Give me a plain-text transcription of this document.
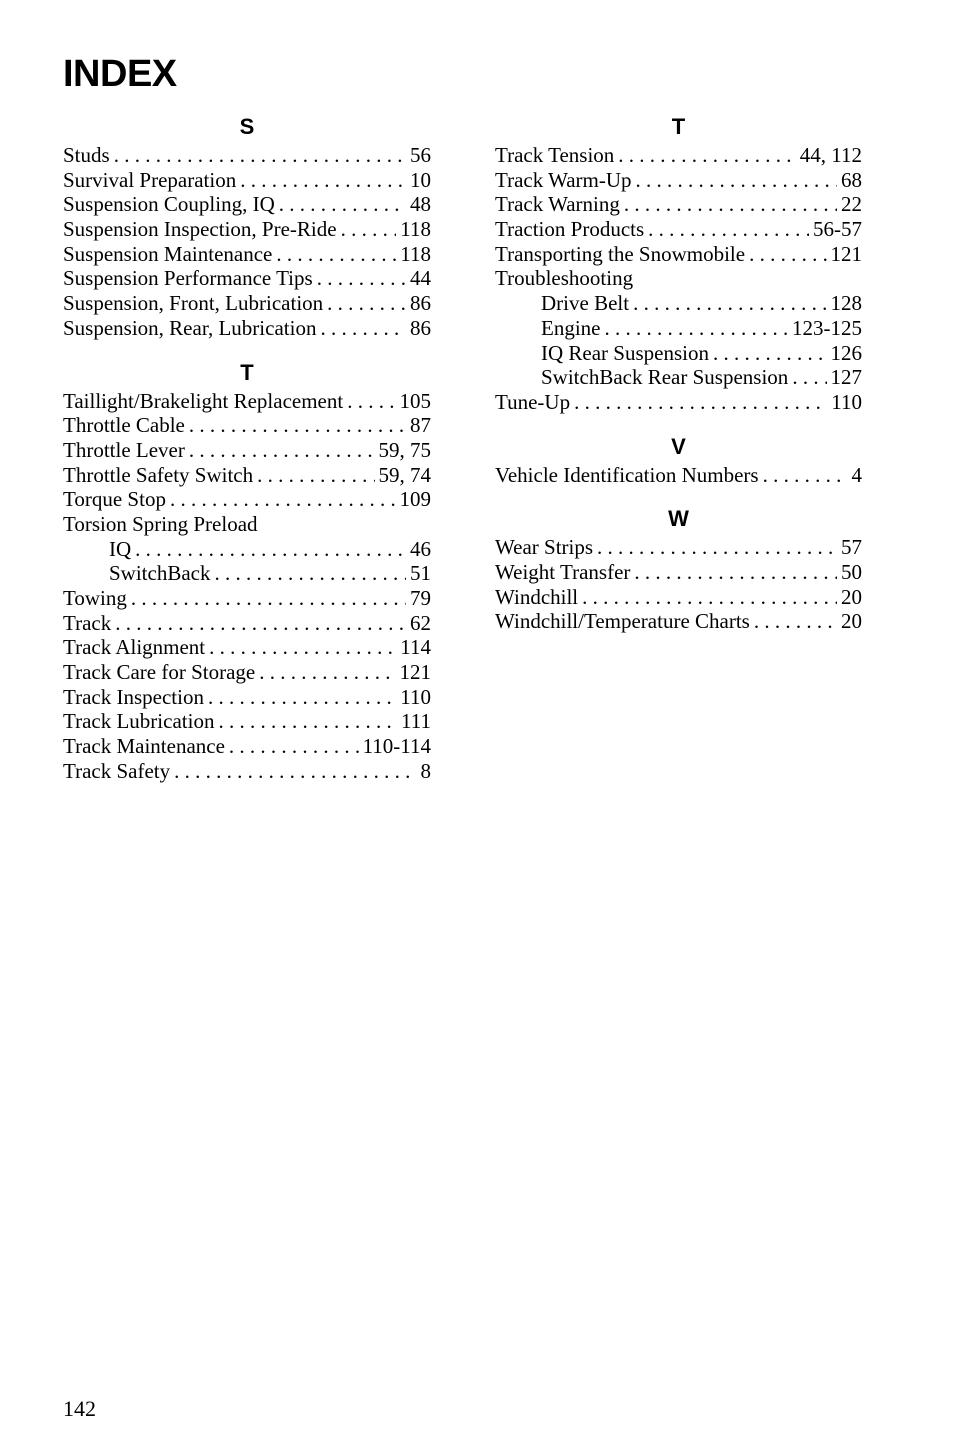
INDEX
S
Studs . . .	56
Survival Preparation . . .	10
Suspension Coupling, IQ . . .	48
Suspension Inspection, Pre-Ride . . .	118
Suspension Maintenance . . .	118
Suspension Performance Tips . . .	44
Suspension, Front, Lubrication . . .	86
Suspension, Rear, Lubrication . . .	86
T
Taillight/Brakelight Replacement . . .	105
Throttle Cable . . .	87
Throttle Lever . . .	59, 75
Throttle Safety Switch . . .	59, 74
Torque Stop . . .	109
Torsion Spring Preload
IQ . . .	46
SwitchBack . . .	51
Towing . . .	79
Track . . .	62
Track Alignment . . .	114
Track Care for Storage . . .	121
Track Inspection . . .	110
Track Lubrication . . .	111
Track Maintenance . . .	110-114
Track Safety . . .	8
T
Track Tension . . .	44, 112
Track Warm-Up . . .	68
Track Warning . . .	22
Traction Products . . .	56-57
Transporting the Snowmobile . . .	121
Troubleshooting
Drive Belt . . .	128
Engine . . .	123-125
IQ Rear Suspension . . .	126
SwitchBack Rear Suspension . . . 127
Tune-Up . . .	110
V
Vehicle Identification Numbers . . .	4
W
Wear Strips . . .	57
Weight Transfer . . .	50
Windchill . . .	20
Windchill/Temperature Charts . . .	20
142
